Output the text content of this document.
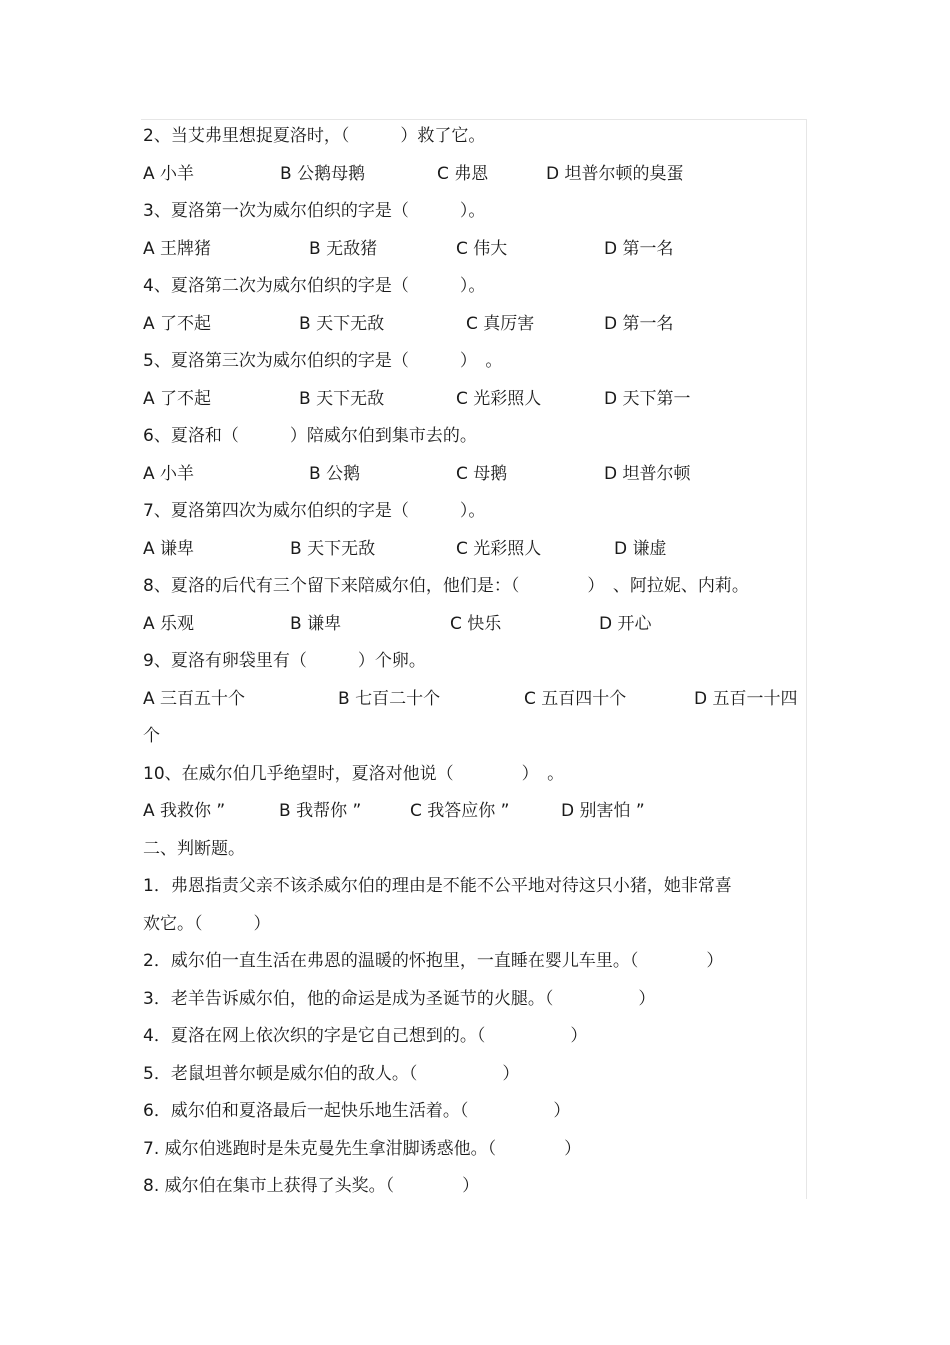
2、当艾弗里想捉夏洛时，（　　　）救了它。
A 小羊	B 公鹅母鹅	C 弗恩	D 坦普尔顿的臭蛋
3、夏洛第一次为威尔伯织的字是（　　　）。
A 王牌猪	B 无敌猪	C 伟大	D 第一名
4、夏洛第二次为威尔伯织的字是（　　　）。
A 了不起	B 天下无敌	C 真厉害	D 第一名
5、夏洛第三次为威尔伯织的字是（　　　）　。
A 了不起	B 天下无敌	C 光彩照人	D 天下第一
6、夏洛和（　　　）陪威尔伯到集市去的。
A 小羊	B 公鹅	C 母鹅	D 坦普尔顿
7、夏洛第四次为威尔伯织的字是（　　　）。
A 谦卑	B 天下无敌	C 光彩照人	D 谦虚
8、夏洛的后代有三个留下来陪威尔伯，他们是：（　　　　）　、阿拉妮、内莉。
A 乐观	B 谦卑	C 快乐	D 开心
9、夏洛有卵袋里有（　　　）个卵。
A 三百五十个	B 七百二十个	C 五百四十个	D 五百一十四
个
10、在威尔伯几乎绝望时，夏洛对他说（　　　　）　。
A 我救你 ”	B 我帮你 ”	C 我答应你 ”	D 别害怕 ”
二、判断题。
1．弗恩指责父亲不该杀威尔伯的理由是不能不公平地对待这只小猪，她非常喜
欢它。（　　　）
2．威尔伯一直生活在弗恩的温暖的怀抱里，一直睡在婴儿车里。（　　　　）
3．老羊告诉威尔伯，他的命运是成为圣诞节的火腿。（　　　　　）
4．夏洛在网上依次织的字是它自己想到的。（　　　　　）
5．老鼠坦普尔顿是威尔伯的敌人。（　　　　　）
6．威尔伯和夏洛最后一起快乐地生活着。（　　　　　）
7. 威尔伯逃跑时是朱克曼先生拿泔脚诱惑他。（　　　　）
8. 威尔伯在集市上获得了头奖。（　　　　）
